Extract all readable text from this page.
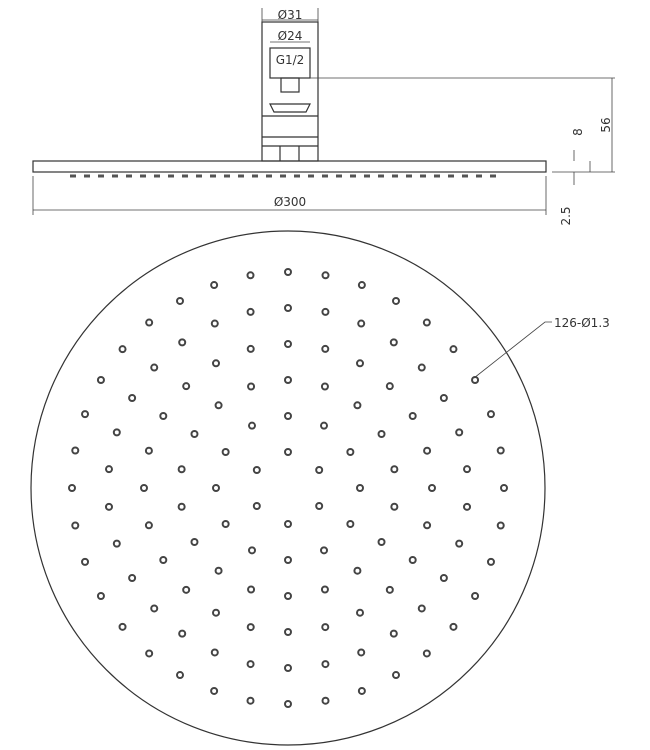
Ø31
Ø24
G1/2
56
8
Ø300
2.5
126-Ø1.3
